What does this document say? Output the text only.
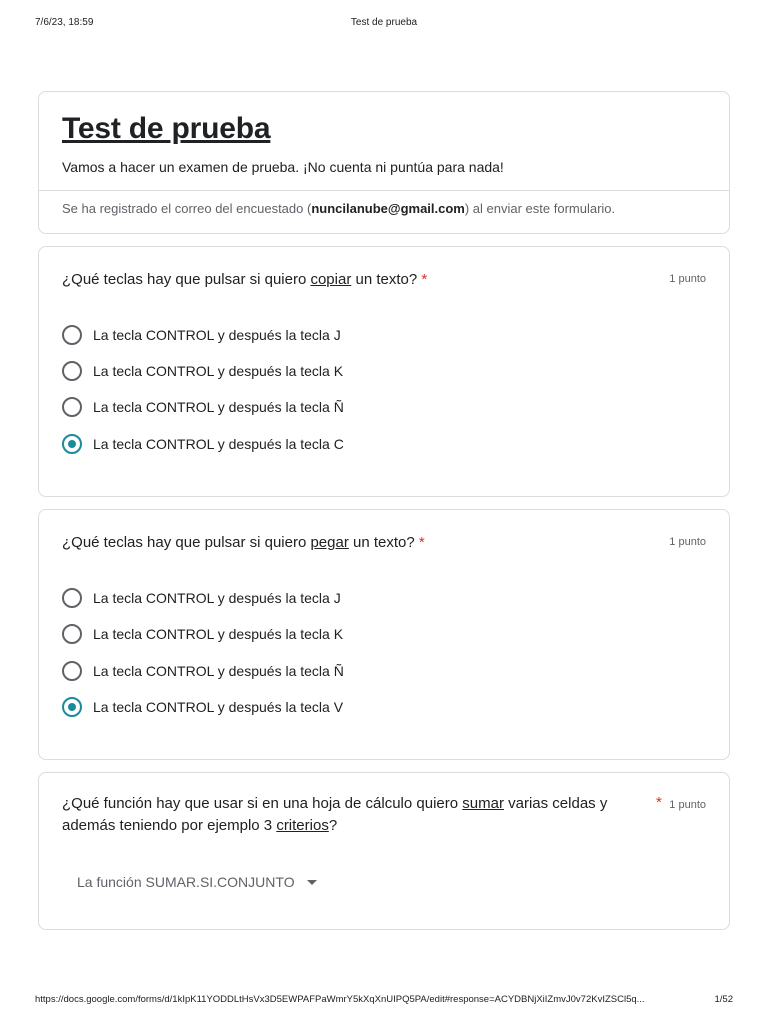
7/6/23, 18:59	Test de prueba
Test de prueba
Vamos a hacer un examen de prueba. ¡No cuenta ni puntúa para nada!
Se ha registrado el correo del encuestado (nuncilanube@gmail.com) al enviar este formulario.
¿Qué teclas hay que pulsar si quiero copiar un texto? *	1 punto
La tecla CONTROL y después la tecla J
La tecla CONTROL y después la tecla K
La tecla CONTROL y después la tecla Ñ
La tecla CONTROL y después la tecla C
¿Qué teclas hay que pulsar si quiero pegar un texto? *	1 punto
La tecla CONTROL y después la tecla J
La tecla CONTROL y después la tecla K
La tecla CONTROL y después la tecla Ñ
La tecla CONTROL y después la tecla V
¿Qué función hay que usar si en una hoja de cálculo quiero sumar varias celdas y además teniendo por ejemplo 3 criterios?
* 1 punto
La función SUMAR.SI.CONJUNTO
https://docs.google.com/forms/d/1kIpK11YODDLtHsVx3D5EWPAFPaWmrY5kXqXnUIPQ5PA/edit#response=ACYDBNjXiIZmvJ0v72KvIZSCl5q...	1/52
